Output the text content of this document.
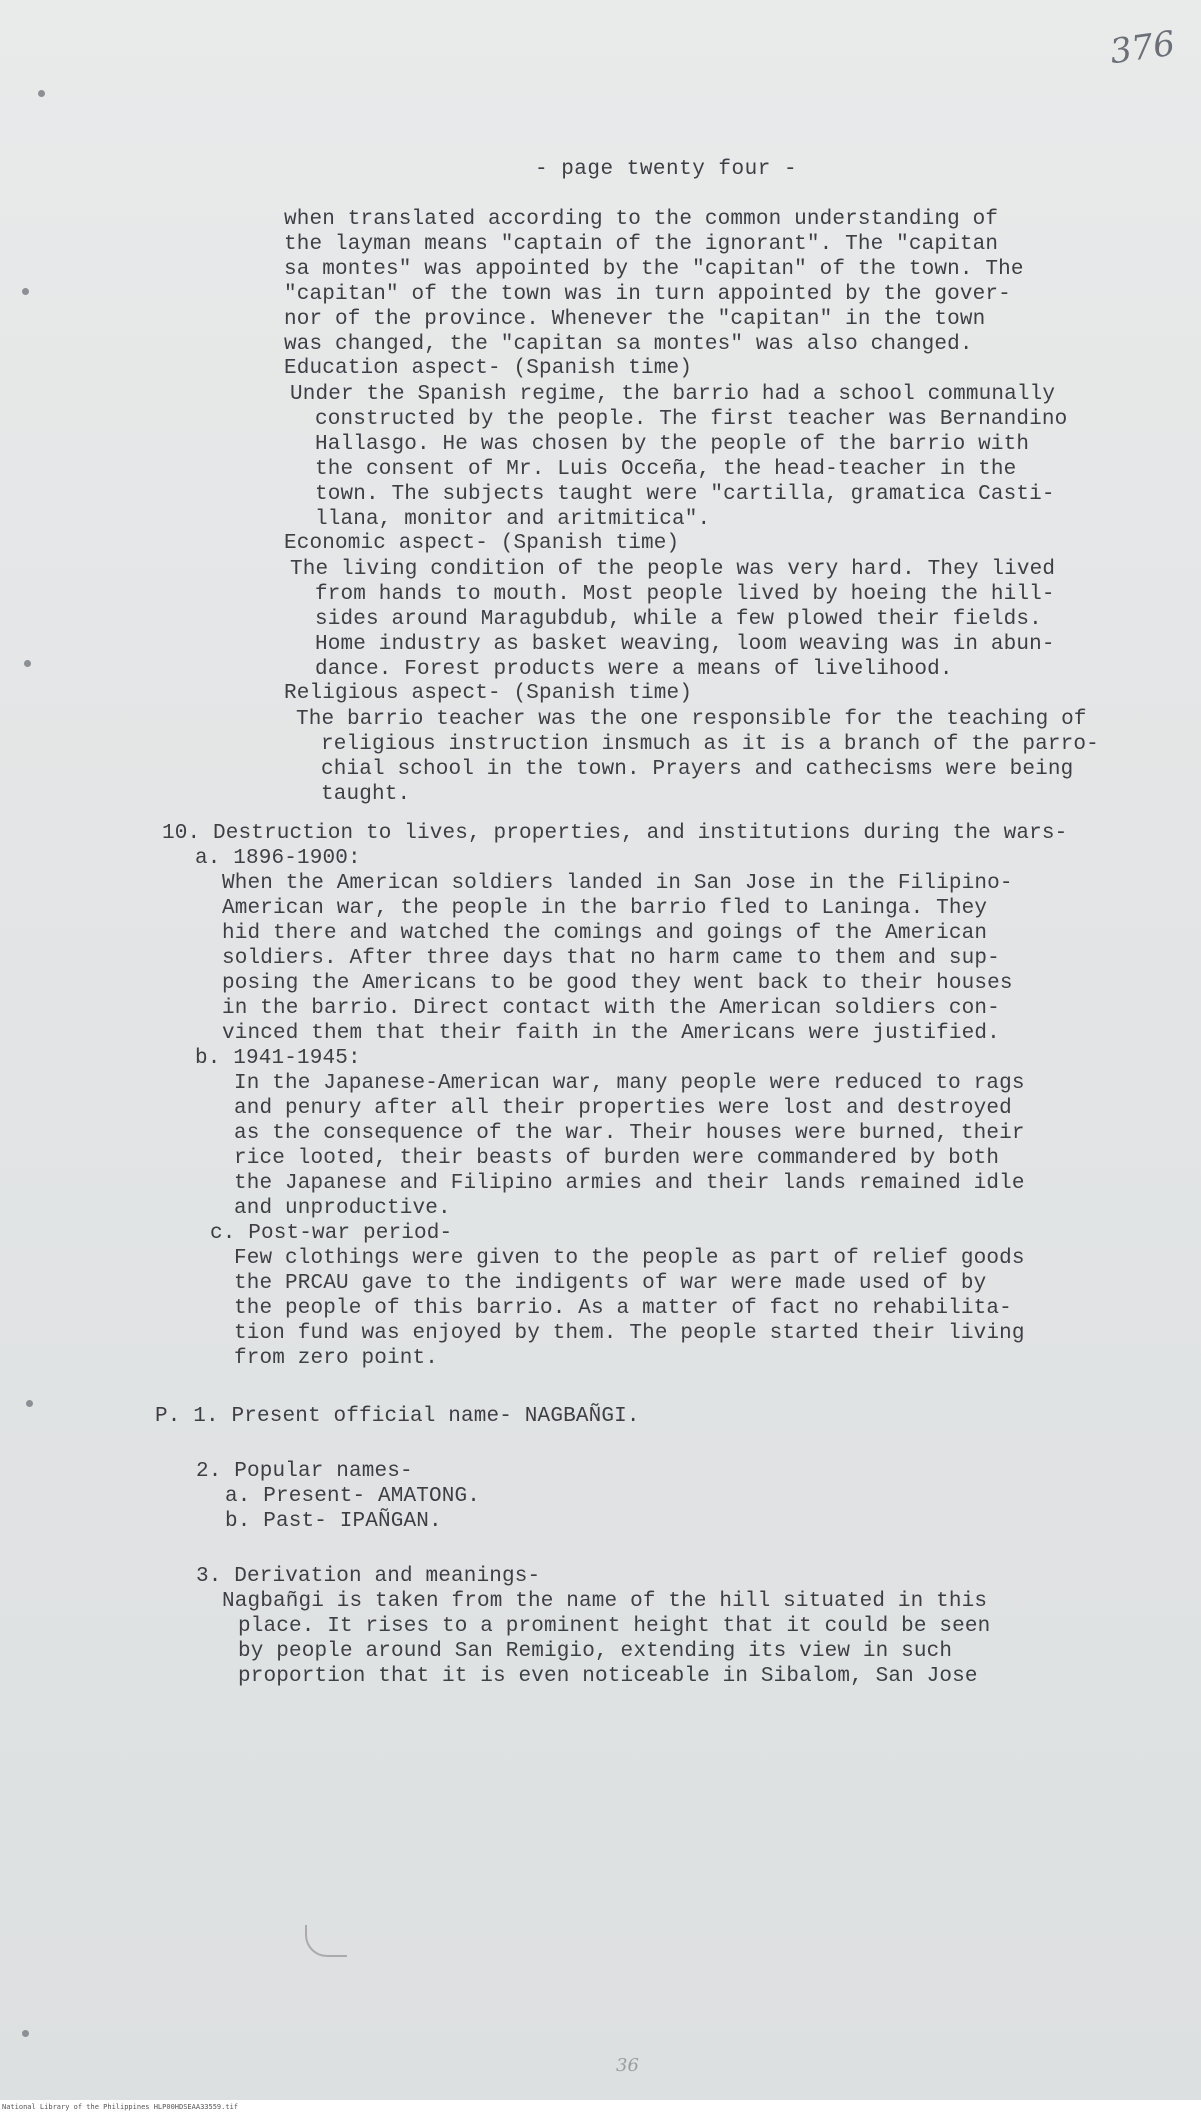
376
- page twenty four -
when translated according to the common understanding of
the layman means "captain of the ignorant". The "capitan
sa montes" was appointed by the "capitan" of the town. The
"capitan" of the town was in turn appointed by the gover-
nor of the province. Whenever the "capitan" in the town
was changed, the "capitan sa montes" was also changed.
Education aspect- (Spanish time)
Under the Spanish regime, the barrio had a school communally
constructed by the people. The first teacher was Bernandino
Hallasgo. He was chosen by the people of the barrio with
the consent of Mr. Luis Occeña, the head-teacher in the
town. The subjects taught were "cartilla, gramatica Casti-
llana, monitor and aritmitica".
Economic aspect- (Spanish time)
The living condition of the people was very hard. They lived
from hands to mouth. Most people lived by hoeing the hill-
sides around Maragubdub, while a few plowed their fields.
Home industry as basket weaving, loom weaving was in abun-
dance. Forest products were a means of livelihood.
Religious aspect- (Spanish time)
The barrio teacher was the one responsible for the teaching of
religious instruction insmuch as it is a branch of the parro-
chial school in the town. Prayers and cathecisms were being
taught.
10. Destruction to lives, properties, and institutions during the wars-
a. 1896-1900:
When the American soldiers landed in San Jose in the Filipino-
American war, the people in the barrio fled to Laninga. They
hid there and watched the comings and goings of the American
soldiers. After three days that no harm came to them and sup-
posing the Americans to be good they went back to their houses
in the barrio. Direct contact with the American soldiers con-
vinced them that their faith in the Americans were justified.
b. 1941-1945:
In the Japanese-American war, many people were reduced to rags
and penury after all their properties were lost and destroyed
as the consequence of the war. Their houses were burned, their
rice looted, their beasts of burden were commandered by both
the Japanese and Filipino armies and their lands remained idle
and unproductive.
c. Post-war period-
Few clothings were given to the people as part of relief goods
the PRCAU gave to the indigents of war were made used of by
the people of this barrio. As a matter of fact no rehabilita-
tion fund was enjoyed by them. The people started their living
from zero point.
P. 1. Present official name- NAGBAÑGI.
2. Popular names-
a. Present- AMATONG.
b. Past- IPAÑGAN.
3. Derivation and meanings-
Nagbañgi is taken from the name of the hill situated in this
place. It rises to a prominent height that it could be seen
by people around San Remigio, extending its view in such
proportion that it is even noticeable in Sibalom, San Jose
36
National Library of the Philippines HLP00HDSEAA33559.tif
